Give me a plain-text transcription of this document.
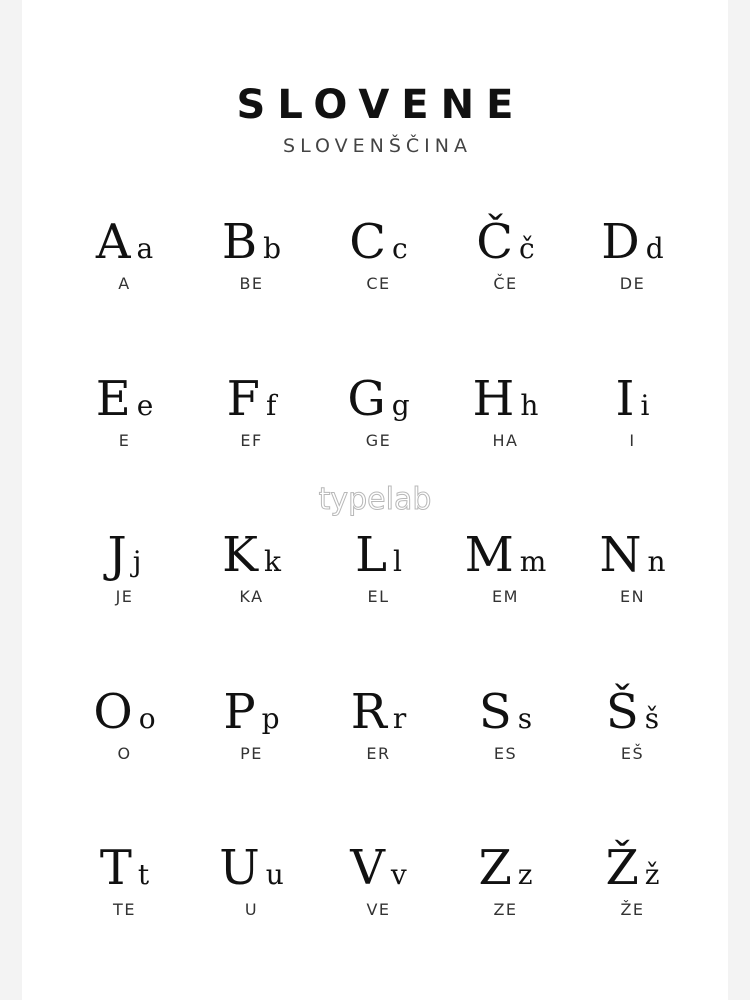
SLOVENE
SLOVENŠČINA
Aa
A
Bb
BE
Cc
CE
Čč
ČE
Dd
DE
Ee
E
Ff
EF
Gg
GE
Hh
HA
Ii
I
Jj
JE
Kk
KA
Ll
EL
Mm
EM
Nn
EN
Oo
O
Pp
PE
Rr
ER
Ss
ES
Šš
EŠ
Tt
TE
Uu
U
Vv
VE
Zz
ZE
Žž
ŽE
typelab
